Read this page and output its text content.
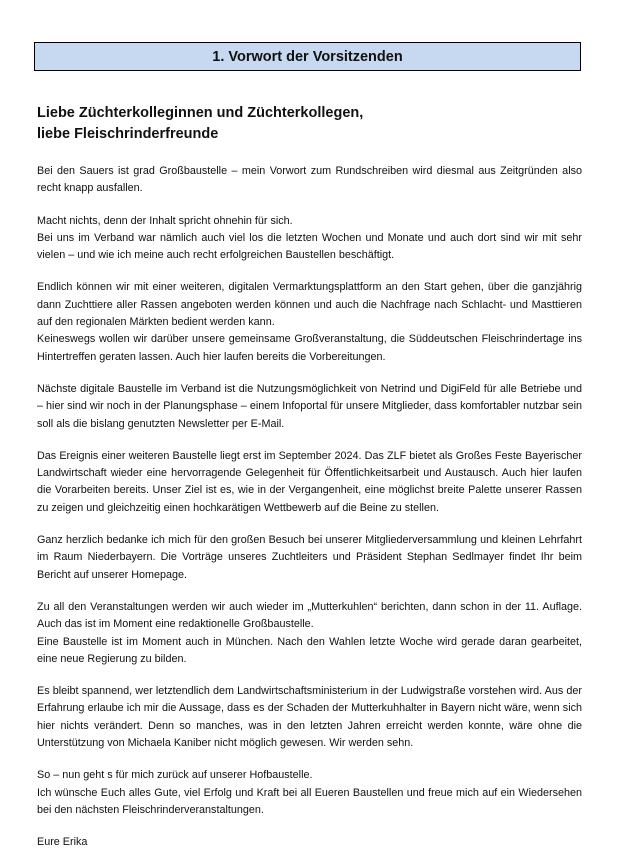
1. Vorwort der Vorsitzenden
Liebe Züchterkolleginnen und Züchterkollegen,
liebe Fleischrinderfreunde

Bei den Sauers ist grad Großbaustelle – mein Vorwort zum Rundschreiben wird diesmal aus Zeitgründen also recht knapp ausfallen.

Macht nichts, denn der Inhalt spricht ohnehin für sich.
Bei uns im Verband war nämlich auch viel los die letzten Wochen und Monate und auch dort sind wir mit sehr vielen – und wie ich meine auch recht erfolgreichen Baustellen beschäftigt.

Endlich können wir mit einer weiteren, digitalen Vermarktungsplattform an den Start gehen, über die ganzjährig dann Zuchttiere aller Rassen angeboten werden können und auch die Nachfrage nach Schlacht- und Masttieren auf den regionalen Märkten bedient werden kann.
Keineswegs wollen wir darüber unsere gemeinsame Großveranstaltung, die Süddeutschen Fleischrindertage ins Hintertreffen geraten lassen. Auch hier laufen bereits die Vorbereitungen.

Nächste digitale Baustelle im Verband ist die Nutzungsmöglichkeit von Netrind und DigiFeld für alle Betriebe und – hier sind wir noch in der Planungsphase – einem Infoportal für unsere Mitglieder, dass komfortabler nutzbar sein soll als die bislang genutzten Newsletter per E-Mail.

Das Ereignis einer weiteren Baustelle liegt erst im September 2024. Das ZLF bietet als Großes Feste Bayerischer Landwirtschaft wieder eine hervorragende Gelegenheit für Öffentlichkeitsarbeit und Austausch. Auch hier laufen die Vorarbeiten bereits. Unser Ziel ist es, wie in der Vergangenheit, eine möglichst breite Palette unserer Rassen zu zeigen und gleichzeitig einen hochkarätigen Wettbewerb auf die Beine zu stellen.

Ganz herzlich bedanke ich mich für den großen Besuch bei unserer Mitgliederversammlung und kleinen Lehrfahrt im Raum Niederbayern. Die Vorträge unseres Zuchtleiters und Präsident Stephan Sedlmayer findet Ihr beim Bericht auf unserer Homepage.

Zu all den Veranstaltungen werden wir auch wieder im „Mutterkuhlen“ berichten, dann schon in der 11. Auflage. Auch das ist im Moment eine redaktionelle Großbaustelle.
Eine Baustelle ist im Moment auch in München. Nach den Wahlen letzte Woche wird gerade daran gearbeitet, eine neue Regierung zu bilden.

Es bleibt spannend, wer letztendlich dem Landwirtschaftsministerium in der Ludwigstraße vorstehen wird. Aus der Erfahrung erlaube ich mir die Aussage, dass es der Schaden der Mutterkuhhalter in Bayern nicht wäre, wenn sich hier nichts verändert. Denn so manches, was in den letzten Jahren erreicht werden konnte, wäre ohne die Unterstützung von Michaela Kaniber nicht möglich gewesen. Wir werden sehn.

So – nun geht s für mich zurück auf unserer Hofbaustelle.
Ich wünsche Euch alles Gute, viel Erfolg und Kraft bei all Eueren Baustellen und freue mich auf ein Wiedersehen bei den nächsten Fleischrinderveranstaltungen.

Eure Erika
